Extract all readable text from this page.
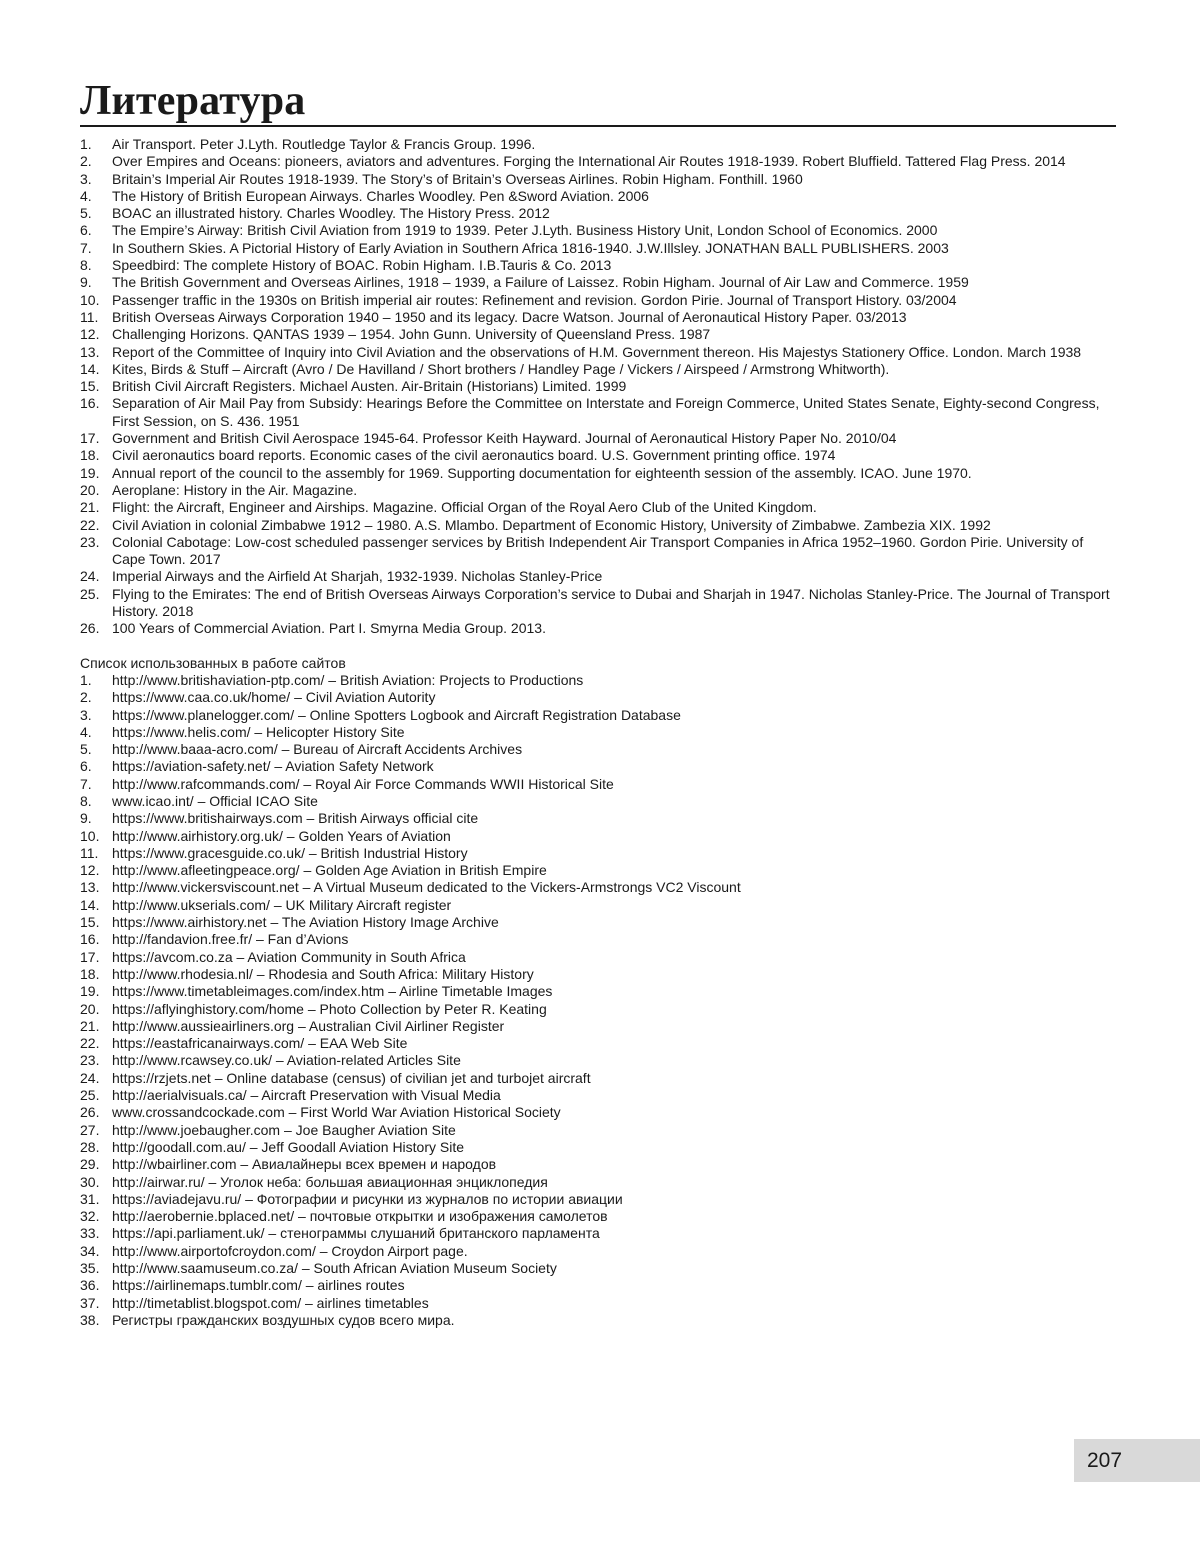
Литература
1.	Air Transport. Peter J.Lyth. Routledge Taylor & Francis Group. 1996.
2.	Over Empires and Oceans: pioneers, aviators and adventures. Forging the International Air Routes 1918-1939. Robert Bluffield. Tattered Flag Press. 2014
3.	Britain’s Imperial Air Routes 1918-1939. The Story’s of Britain’s Overseas Airlines. Robin Higham. Fonthill. 1960
4.	The History of British European Airways. Charles Woodley. Pen &Sword Aviation. 2006
5.	BOAC an illustrated history. Charles Woodley. The History Press. 2012
6.	The Empire’s Airway: British Civil Aviation from 1919 to 1939. Peter J.Lyth. Business History Unit, London School of Economics. 2000
7.	In Southern Skies. A Pictorial History of Early Aviation in Southern Africa 1816-1940. J.W.Illsley. JONATHAN BALL PUBLISHERS. 2003
8.	Speedbird: The complete History of BOAC. Robin Higham. I.B.Tauris & Co. 2013
9.	The British Government and Overseas Airlines, 1918 – 1939, a Failure of Laissez. Robin Higham. Journal of Air Law and Commerce. 1959
10. Passenger traffic in the 1930s on British imperial air routes: Refinement and revision. Gordon Pirie. Journal of Transport History. 03/2004
11. British Overseas Airways Corporation 1940 – 1950 and its legacy. Dacre Watson. Journal of Aeronautical History Paper. 03/2013
12. Challenging Horizons. QANTAS 1939 – 1954. John Gunn. University of Queensland Press. 1987
13. Report of the Committee of Inquiry into Civil Aviation and the observations of H.M. Government thereon. His Majestys Stationery Office. London. March 1938
14. Kites, Birds & Stuff – Aircraft (Avro / De Havilland / Short brothers / Handley Page / Vickers / Airspeed / Armstrong Whitworth).
15. British Civil Aircraft Registers. Michael Austen. Air-Britain (Historians) Limited. 1999
16. Separation of Air Mail Pay from Subsidy: Hearings Before the Committee on Interstate and Foreign Commerce, United States Senate, Eighty-second Congress, First Session, on S. 436. 1951
17. Government and British Civil Aerospace 1945-64. Professor Keith Hayward. Journal of Aeronautical History Paper No. 2010/04
18. Civil aeronautics board reports. Economic cases of the civil aeronautics board. U.S. Government printing office. 1974
19. Annual report of the council to the assembly for 1969. Supporting documentation for eighteenth session of the assembly. ICAO. June 1970.
20. Aeroplane: History in the Air. Magazine.
21. Flight: the Aircraft, Engineer and Airships. Magazine. Official Organ of the Royal Aero Club of the United Kingdom.
22. Civil Aviation in colonial Zimbabwe 1912 – 1980. A.S. Mlambo. Department of Economic History, University of Zimbabwe. Zambezia XIX. 1992
23. Colonial Cabotage: Low-cost scheduled passenger services by British Independent Air Transport Companies in Africa 1952–1960. Gordon Pirie. University of Cape Town. 2017
24. Imperial Airways and the Airfield At Sharjah, 1932-1939. Nicholas Stanley-Price
25. Flying to the Emirates: The end of British Overseas Airways Corporation’s service to Dubai and Sharjah in 1947. Nicholas Stanley-Price. The Journal of Transport History. 2018
26. 100 Years of Commercial Aviation. Part I. Smyrna Media Group. 2013.
Список использованных в работе сайтов
1.	http://www.britishaviation-ptp.com/ – British Aviation: Projects to Productions
2.	https://www.caa.co.uk/home/ – Civil Aviation Autority
3.	https://www.planelogger.com/ – Online Spotters Logbook and Aircraft Registration Database
4.	https://www.helis.com/ – Helicopter History Site
5.	http://www.baaa-acro.com/ – Bureau of Aircraft Accidents Archives
6.	https://aviation-safety.net/ – Aviation Safety Network
7.	http://www.rafcommands.com/ – Royal Air Force Commands WWII Historical Site
8.	www.icao.int/ – Official ICAO Site
9.	https://www.britishairways.com – British Airways official cite
10. http://www.airhistory.org.uk/ – Golden Years of Aviation
11. https://www.gracesguide.co.uk/ – British Industrial History
12. http://www.afleetingpeace.org/ – Golden Age Aviation in British Empire
13. http://www.vickersviscount.net – A Virtual Museum dedicated to the Vickers-Armstrongs VC2 Viscount
14. http://www.ukserials.com/ – UK Military Aircraft register
15. https://www.airhistory.net – The Aviation History Image Archive
16. http://fandavion.free.fr/ – Fan d’Avions
17. https://avcom.co.za – Aviation Community in South Africa
18. http://www.rhodesia.nl/ – Rhodesia and South Africa: Military History
19. https://www.timetableimages.com/index.htm – Airline Timetable Images
20. https://aflyinghistory.com/home – Photo Collection by Peter R. Keating
21. http://www.aussieairliners.org – Australian Civil Airliner Register
22. https://eastafricanairways.com/ – EAA Web Site
23. http://www.rcawsey.co.uk/ – Aviation-related Articles Site
24. https://rzjets.net – Online database (census) of civilian jet and turbojet aircraft
25. http://aerialvisuals.ca/ – Aircraft Preservation with Visual Media
26. www.crossandcockade.com – First World War Aviation Historical Society
27. http://www.joebaugher.com – Joe Baugher Aviation Site
28. http://goodall.com.au/ – Jeff Goodall Aviation History Site
29. http://wbairliner.com – Авиалайнеры всех времен и народов
30. http://airwar.ru/ – Уголок неба: большая авиационная энциклопедия
31. https://aviadejavu.ru/ – Фотографии и рисунки из журналов по истории авиации
32. http://aerobernie.bplaced.net/ – почтовые открытки и изображения самолетов
33. https://api.parliament.uk/ – стенограммы слушаний британского парламента
34. http://www.airportofcroydon.com/ – Croydon Airport page.
35. http://www.saamuseum.co.za/ – South African Aviation Museum Society
36. https://airlinemaps.tumblr.com/ – airlines routes
37. http://timetablist.blogspot.com/ – airlines timetables
38. Регистры гражданских воздушных судов всего мира.
207
